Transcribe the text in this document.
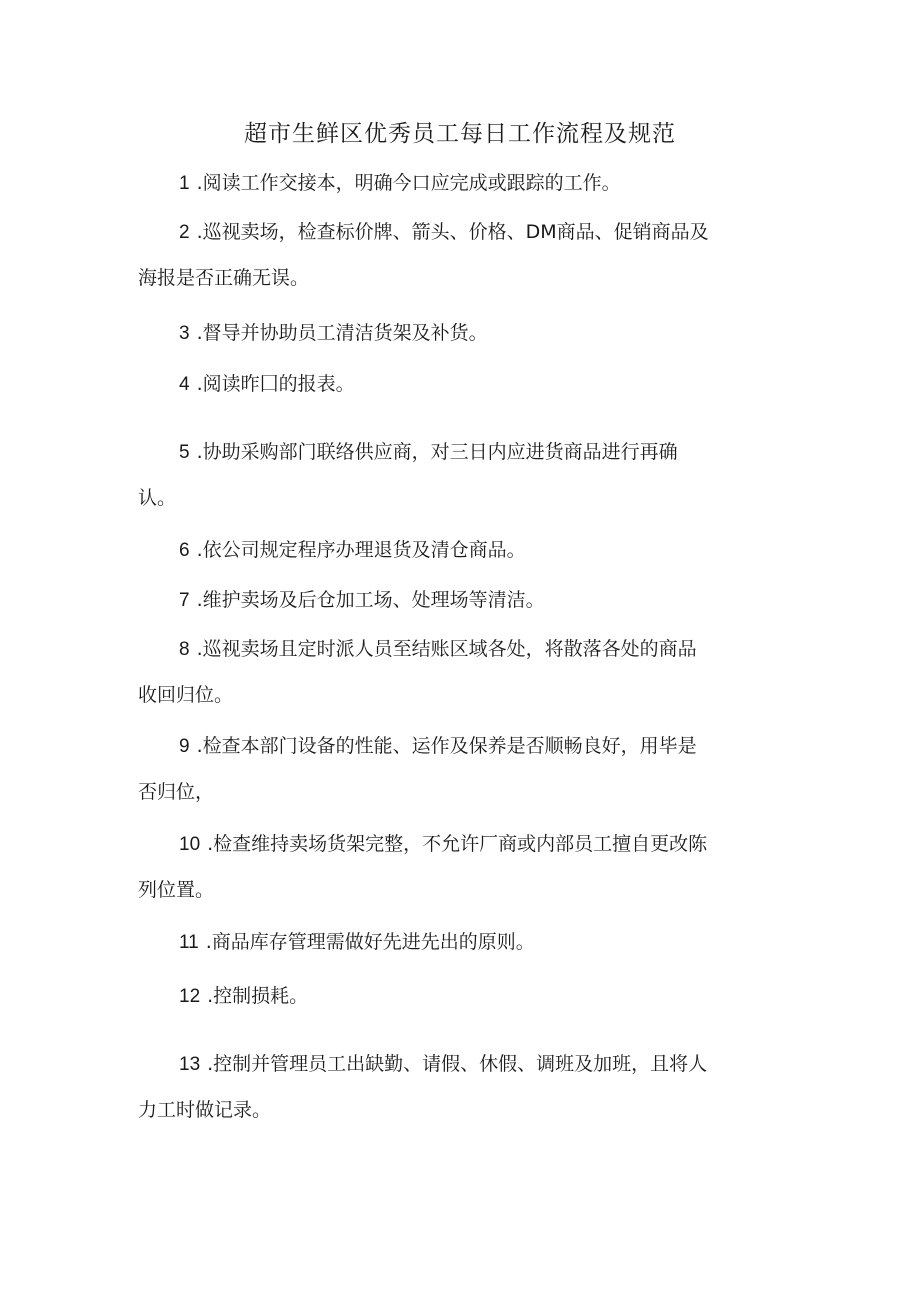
超市生鲜区优秀员工每日工作流程及规范
1 .阅读工作交接本，明确今口应完成或跟踪的工作。
2 .巡视卖场，检查标价牌、箭头、价格、DM商品、促销商品及
海报是否正确无误。
3 .督导并协助员工清洁货架及补货。
4 .阅读昨囗的报表。
5 .协助采购部门联络供应商，对三日内应进货商品进行再确
认。
6 .依公司规定程序办理退货及清仓商品。
7 .维护卖场及后仓加工场、处理场等清洁。
8 .巡视卖场且定时派人员至结账区域各处，将散落各处的商品
收回归位。
9 .检查本部门设备的性能、运作及保养是否顺畅良好，用毕是
否归位，
10 .检查维持卖场货架完整，不允许厂商或内部员工擅自更改陈
列位置。
11 .商品库存管理需做好先进先出的原则。
12 .控制损耗。
13 .控制并管理员工出缺勤、请假、休假、调班及加班，且将人
力工时做记录。
